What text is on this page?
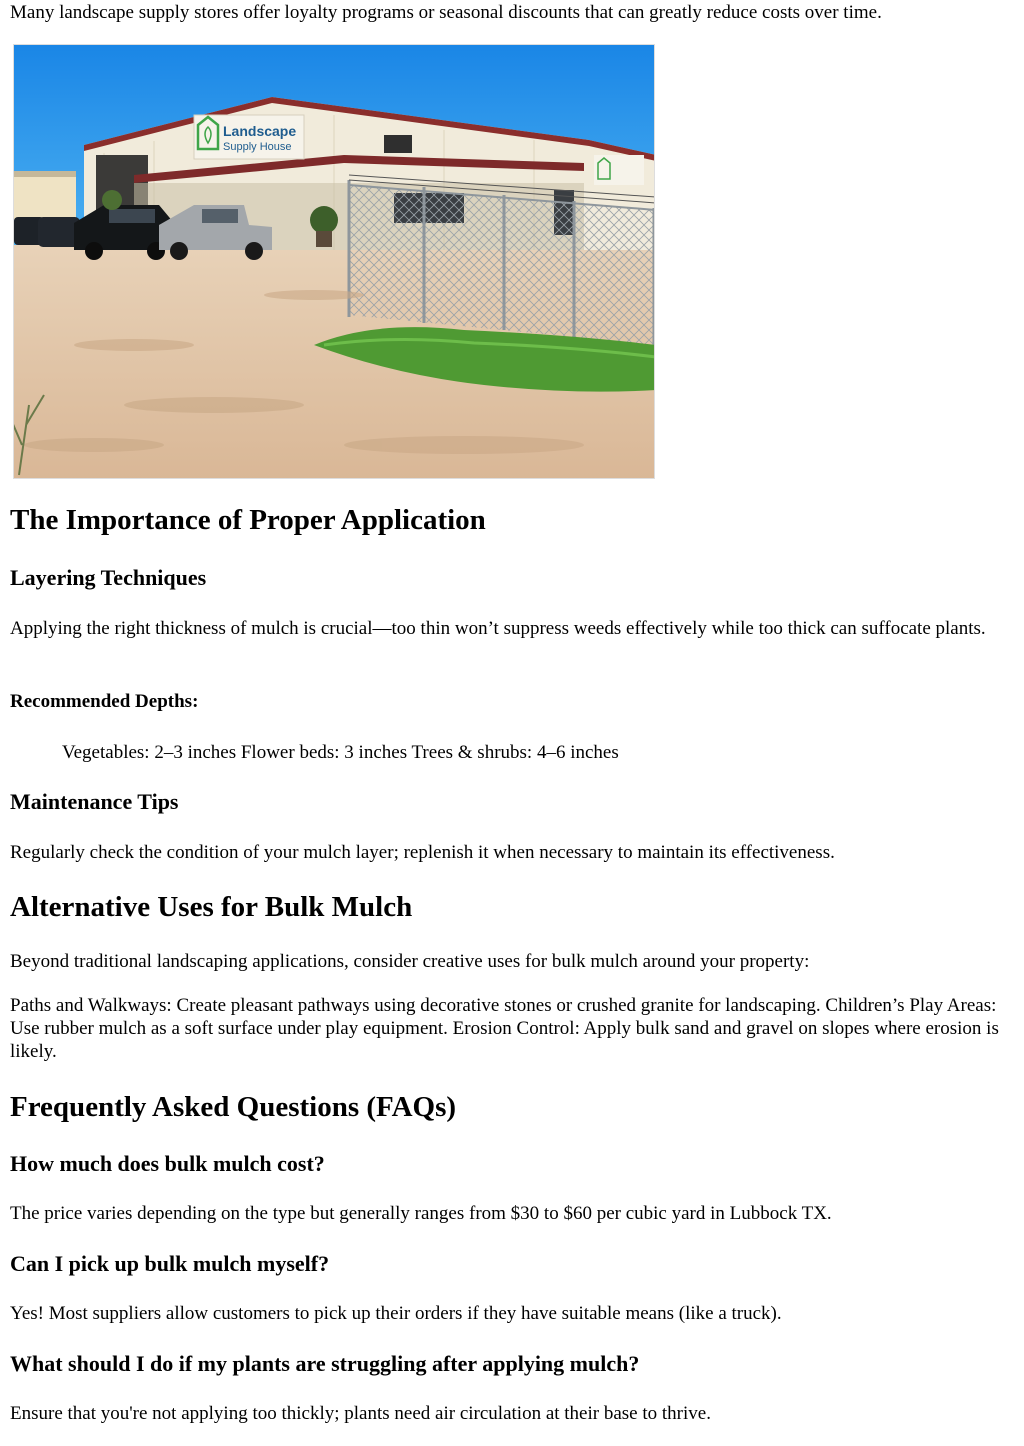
Many landscape supply stores offer loyalty programs or seasonal discounts that can greatly reduce costs over time.

Landscape
Supply House
The Importance of Proper Application
Layering Techniques

Applying the right thickness of mulch is crucial—too thin won’t suppress weeds effectively while too thick can suffocate plants.

Recommended Depths:

Vegetables: 2–3 inches Flower beds: 3 inches Trees & shrubs: 4–6 inches

Maintenance Tips

Regularly check the condition of your mulch layer; replenish it when necessary to maintain its effectiveness.

Alternative Uses for Bulk Mulch

Beyond traditional landscaping applications, consider creative uses for bulk mulch around your property:

Paths and Walkways: Create pleasant pathways using decorative stones or crushed granite for landscaping. Children’s Play Areas: Use rubber mulch as a soft surface under play equipment. Erosion Control: Apply bulk sand and gravel on slopes where erosion is likely.

Frequently Asked Questions (FAQs)
How much does bulk mulch cost?

The price varies depending on the type but generally ranges from $30 to $60 per cubic yard in Lubbock TX.

Can I pick up bulk mulch myself?

Yes! Most suppliers allow customers to pick up their orders if they have suitable means (like a truck).

What should I do if my plants are struggling after applying mulch?

Ensure that you're not applying too thickly; plants need air circulation at their base to thrive.
